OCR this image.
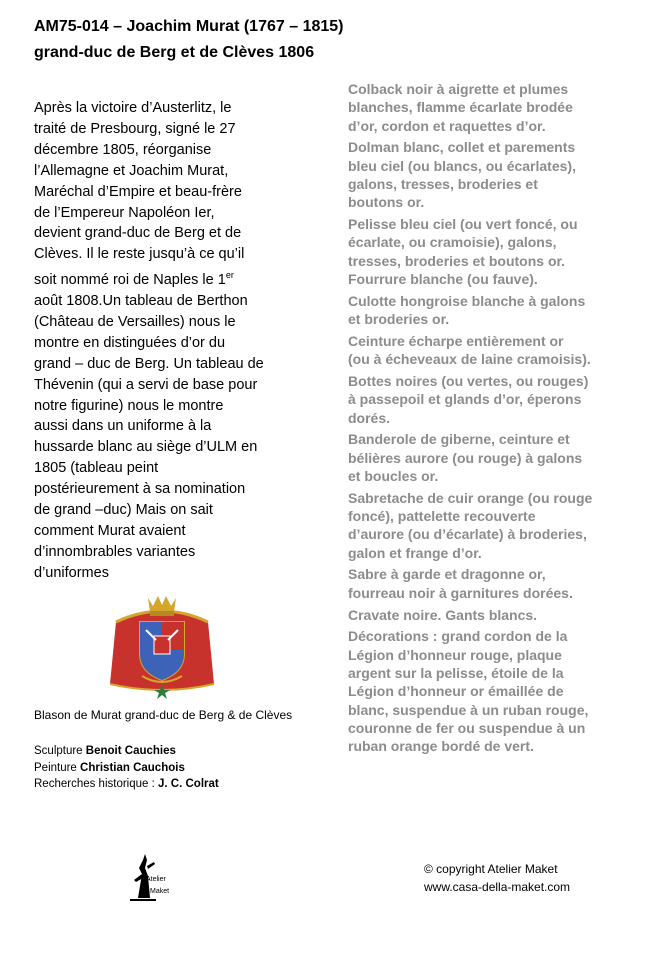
AM75-014 – Joachim Murat (1767 – 1815)
grand-duc de Berg et de Clèves 1806
Après la victoire d’Austerlitz, le
traité de Presbourg, signé le 27
décembre 1805, réorganise
l’Allemagne et Joachim Murat,
Maréchal d’Empire et beau-frère
de l’Empereur Napoléon Ier,
devient grand-duc de Berg et de
Clèves. Il le reste jusqu’à ce qu’il
soit nommé roi de Naples le 1er
août 1808.Un tableau de Berthon
(Château de Versailles) nous le
montre en distinguées d’or du
grand – duc de Berg. Un tableau de
Thévenin (qui a servi de base pour
notre figurine) nous le montre
aussi dans un uniforme à la
hussarde blanc au siège d’ULM en
1805 (tableau peint
postérieurement à sa nomination
de grand –duc) Mais on sait
comment Murat avaient
d’innombrables variantes
d’uniformes
Colback noir à aigrette et plumes
blanches, flamme écarlate brodée
d’or, cordon et raquettes d’or.
Dolman blanc, collet et parements
bleu ciel (ou blancs, ou écarlates),
galons, tresses, broderies et
boutons or.
Pelisse bleu ciel (ou vert foncé, ou
écarlate, ou cramoisie), galons,
tresses, broderies et boutons or.
Fourrure blanche (ou fauve).
Culotte hongroise blanche à galons
et broderies or.
Ceinture écharpe entièrement or
(ou à écheveaux de laine cramoisis).
Bottes noires (ou vertes, ou rouges)
à passepoil et glands d’or, éperons
dorés.
Banderole de giberne, ceinture et
bélières aurore (ou rouge) à galons
et boucles or.
Sabretache de cuir orange (ou rouge
foncé), pattelette recouverte
d’aurore (ou d’écarlate) à broderies,
galon et frange d’or.
Sabre à garde et dragonne or,
fourreau noir à garnitures dorées.
Cravate noire. Gants blancs.
Décorations : grand cordon de la
Légion d’honneur rouge, plaque
argent sur la pelisse, étoile de la
Légion d’honneur or émaillée de
blanc, suspendue à un ruban rouge,
couronne de fer ou suspendue à un
ruban orange bordé de vert.
Blason de Murat grand-duc de Berg & de Clèves
Sculpture Benoit Cauchies
Peinture Christian Cauchois
Recherches historique : J. C. Colrat
Atelier
Maket
© copyright Atelier Maket
www.casa-della-maket.com
